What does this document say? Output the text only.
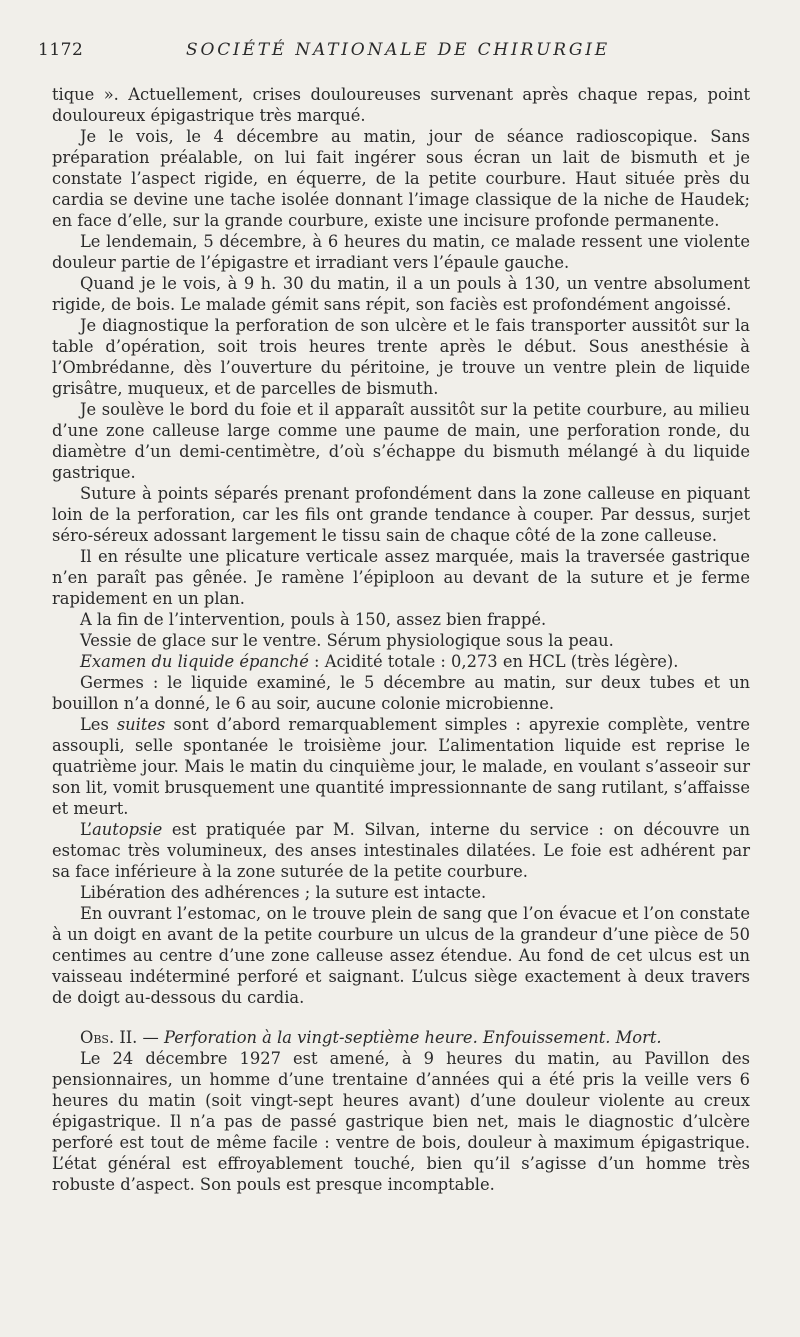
1172	SOCIÉTÉ NATIONALE DE CHIRURGIE

tique ». Actuellement, crises douloureuses survenant après chaque repas, point douloureux épigastrique très marqué.

Je le vois, le 4 décembre au matin, jour de séance radioscopique. Sans préparation préalable, on lui fait ingérer sous écran un lait de bismuth et je constate l’aspect rigide, en équerre, de la petite courbure. Haut située près du cardia se devine une tache isolée donnant l’image classique de la niche de Haudek; en face d’elle, sur la grande courbure, existe une incisure profonde permanente.

Le lendemain, 5 décembre, à 6 heures du matin, ce malade ressent une violente douleur partie de l’épigastre et irradiant vers l’épaule gauche.

Quand je le vois, à 9 h. 30 du matin, il a un pouls à 130, un ventre absolument rigide, de bois. Le malade gémit sans répit, son faciès est profondément angoissé.

Je diagnostique la perforation de son ulcère et le fais transporter aussitôt sur la table d’opération, soit trois heures trente après le début. Sous anesthésie à l’Ombrédanne, dès l’ouverture du péritoine, je trouve un ventre plein de liquide grisâtre, muqueux, et de parcelles de bismuth.

Je soulève le bord du foie et il apparaît aussitôt sur la petite courbure, au milieu d’une zone calleuse large comme une paume de main, une perforation ronde, du diamètre d’un demi-centimètre, d’où s’échappe du bismuth mélangé à du liquide gastrique.

Suture à points séparés prenant profondément dans la zone calleuse en piquant loin de la perforation, car les fils ont grande tendance à couper. Par dessus, surjet séro-séreux adossant largement le tissu sain de chaque côté de la zone calleuse.

Il en résulte une plicature verticale assez marquée, mais la traversée gastrique n’en paraît pas gênée. Je ramène l’épiploon au devant de la suture et je ferme rapidement en un plan.

A la fin de l’intervention, pouls à 150, assez bien frappé.

Vessie de glace sur le ventre. Sérum physiologique sous la peau.

Examen du liquide épanché : Acidité totale : 0,273 en HCL (très légère).

Germes : le liquide examiné, le 5 décembre au matin, sur deux tubes et un bouillon n’a donné, le 6 au soir, aucune colonie microbienne.

Les suites sont d’abord remarquablement simples : apyrexie complète, ventre assoupli, selle spontanée le troisième jour. L’alimentation liquide est reprise le quatrième jour. Mais le matin du cinquième jour, le malade, en voulant s’asseoir sur son lit, vomit brusquement une quantité impressionnante de sang rutilant, s’affaisse et meurt.

L’autopsie est pratiquée par M. Silvan, interne du service : on découvre un estomac très volumineux, des anses intestinales dilatées. Le foie est adhérent par sa face inférieure à la zone suturée de la petite courbure.

Libération des adhérences ; la suture est intacte.

En ouvrant l’estomac, on le trouve plein de sang que l’on évacue et l’on constate à un doigt en avant de la petite courbure un ulcus de la grandeur d’une pièce de 50 centimes au centre d’une zone calleuse assez étendue. Au fond de cet ulcus est un vaisseau indéterminé perforé et saignant. L’ulcus siège exactement à deux travers de doigt au-dessous du cardia.

Obs. II. — Perforation à la vingt-septième heure. Enfouissement. Mort.

Le 24 décembre 1927 est amené, à 9 heures du matin, au Pavillon des pensionnaires, un homme d’une trentaine d’années qui a été pris la veille vers 6 heures du matin (soit vingt-sept heures avant) d’une douleur violente au creux épigastrique. Il n’a pas de passé gastrique bien net, mais le diagnostic d’ulcère perforé est tout de même facile : ventre de bois, douleur à maximum épigastrique. L’état général est effroyablement touché, bien qu’il s’agisse d’un homme très robuste d’aspect. Son pouls est presque incomptable.
